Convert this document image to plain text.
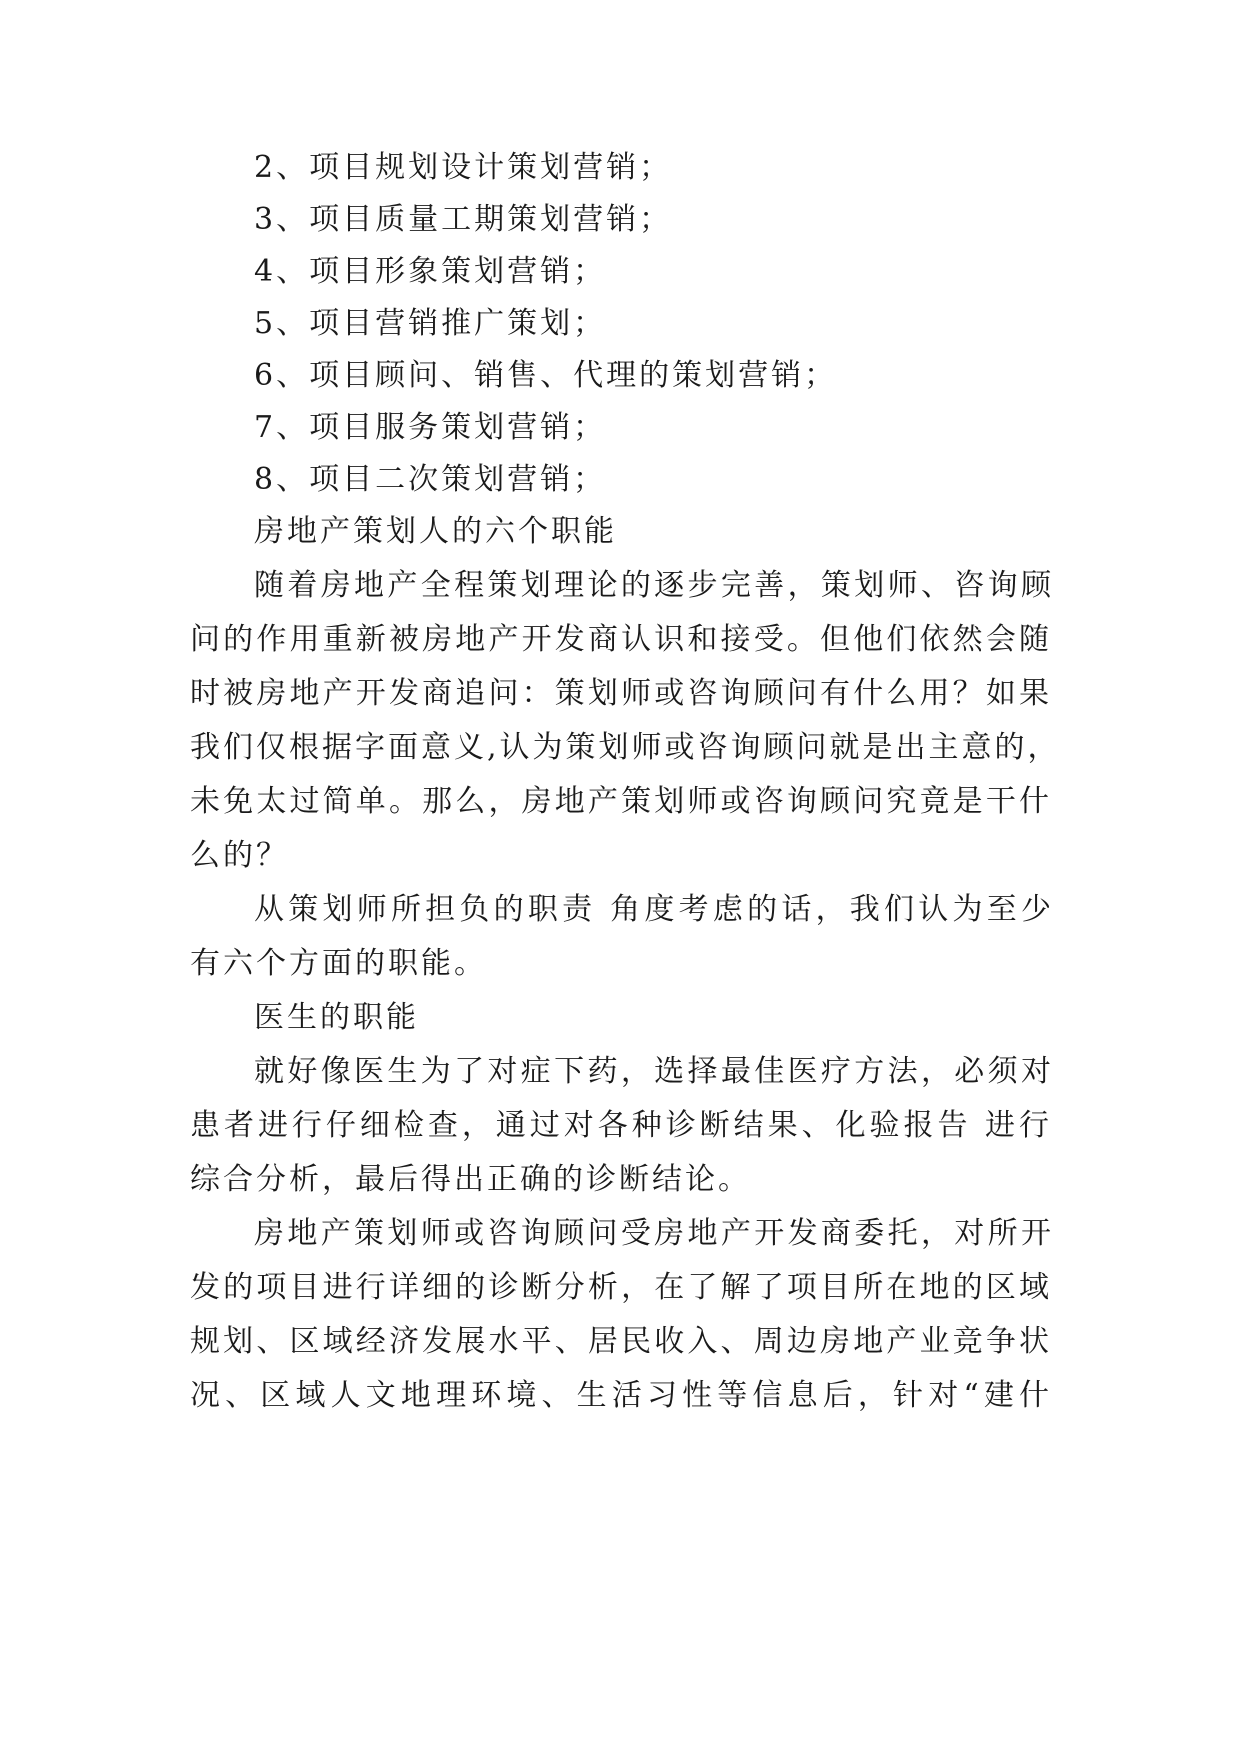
2、项目规划设计策划营销；
3、项目质量工期策划营销；
4、项目形象策划营销；
5、项目营销推广策划；
6、项目顾问、销售、代理的策划营销；
7、项目服务策划营销；
8、项目二次策划营销；
房地产策划人的六个职能
随着房地产全程策划理论的逐步完善，策划师、咨询顾
问的作用重新被房地产开发商认识和接受。但他们依然会随
时被房地产开发商追问：策划师或咨询顾问有什么用？如果
我们仅根据字面意义,认为策划师或咨询顾问就是出主意的，
未免太过简单。那么，房地产策划师或咨询顾问究竟是干什
么的？
从策划师所担负的职责 角度考虑的话，我们认为至少
有六个方面的职能。
医生的职能
就好像医生为了对症下药，选择最佳医疗方法，必须对
患者进行仔细检查，通过对各种诊断结果、化验报告 进行
综合分析，最后得出正确的诊断结论。
房地产策划师或咨询顾问受房地产开发商委托，对所开
发的项目进行详细的诊断分析，在了解了项目所在地的区域
规划、区域经济发展水平、居民收入、周边房地产业竞争状
况、区域人文地理环境、生活习性等信息后，针对“建什
